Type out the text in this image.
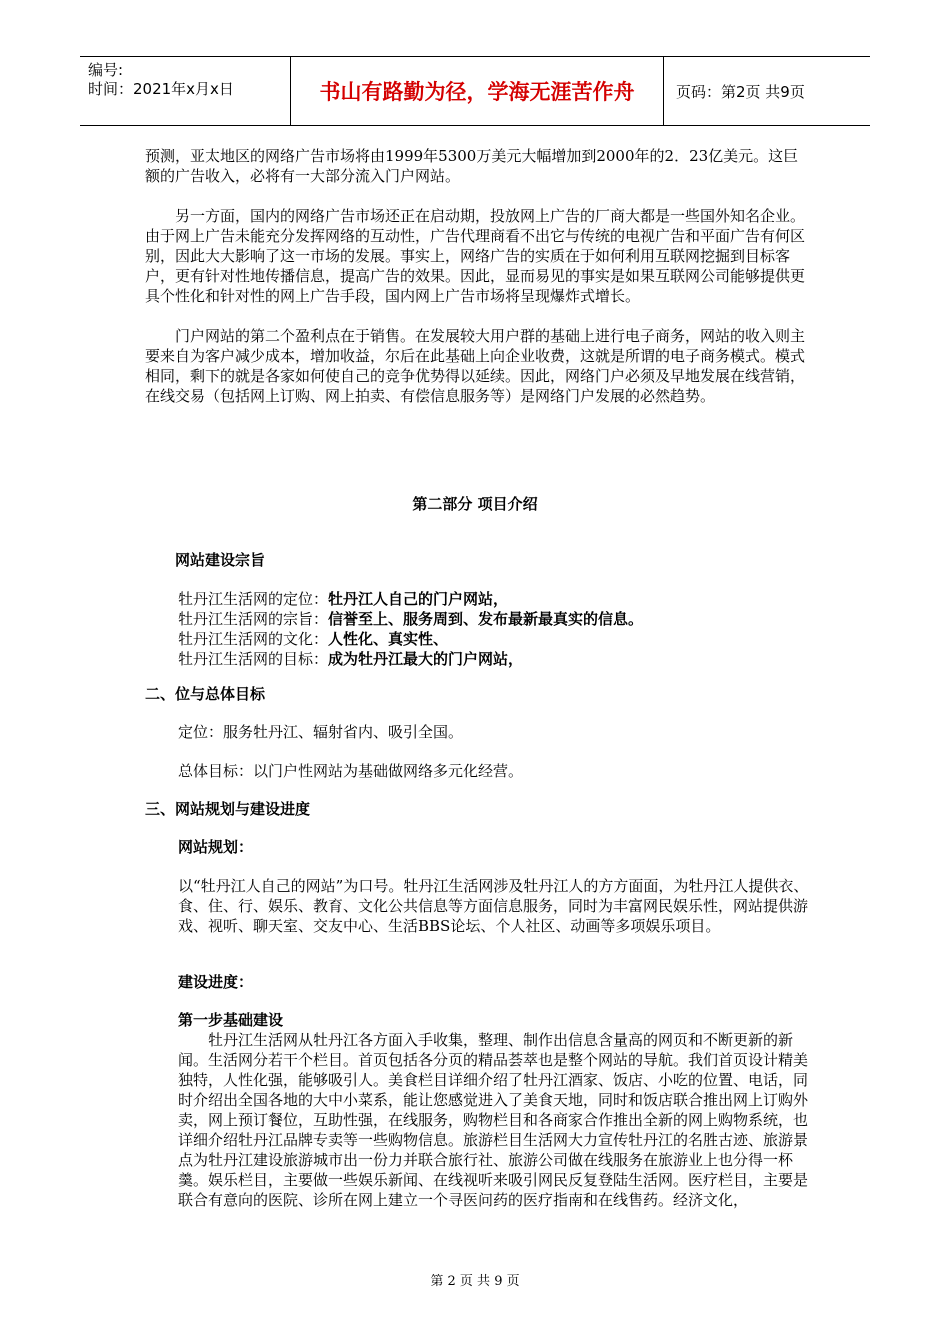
编号:
时间：2021年x月x日	书山有路勤为径，学海无涯苦作舟	页码：第2页 共9页

预测，亚太地区的网络广告市场将由1999年5300万美元大幅增加到2000年的2．23亿美元。这巨额的广告收入，必将有一大部分流入门户网站。

另一方面，国内的网络广告市场还正在启动期，投放网上广告的厂商大都是一些国外知名企业。由于网上广告未能充分发挥网络的互动性，广告代理商看不出它与传统的电视广告和平面广告有何区别，因此大大影响了这一市场的发展。事实上，网络广告的实质在于如何利用互联网挖掘到目标客户，更有针对性地传播信息，提高广告的效果。因此，显而易见的事实是如果互联网公司能够提供更具个性化和针对性的网上广告手段，国内网上广告市场将呈现爆炸式增长。

门户网站的第二个盈利点在于销售。在发展较大用户群的基础上进行电子商务，网站的收入则主要来自为客户减少成本，增加收益，尔后在此基础上向企业收费，这就是所谓的电子商务模式。模式相同，剩下的就是各家如何使自己的竞争优势得以延续。因此，网络门户必须及早地发展在线营销，在线交易（包括网上订购、网上拍卖、有偿信息服务等）是网络门户发展的必然趋势。

第二部分 项目介绍
网站建设宗旨
牡丹江生活网的定位：牡丹江人自己的门户网站，
牡丹江生活网的宗旨：信誉至上、服务周到、发布最新最真实的信息。
牡丹江生活网的文化：人性化、真实性、
牡丹江生活网的目标：成为牡丹江最大的门户网站，
二、位与总体目标
定位：服务牡丹江、辐射省内、吸引全国。
总体目标：以门户性网站为基础做网络多元化经营。
三、网站规划与建设进度
网站规划：
以“牡丹江人自己的网站”为口号。牡丹江生活网涉及牡丹江人的方方面面，为牡丹江人提供衣、食、住、行、娱乐、教育、文化公共信息等方面信息服务，同时为丰富网民娱乐性，网站提供游戏、视听、聊天室、交友中心、生活BBS论坛、个人社区、动画等多项娱乐项目。
建设进度：
第一步基础建设
牡丹江生活网从牡丹江各方面入手收集，整理、制作出信息含量高的网页和不断更新的新闻。生活网分若干个栏目。首页包括各分页的精品荟萃也是整个网站的导航。我们首页设计精美独特，人性化强，能够吸引人。美食栏目详细介绍了牡丹江酒家、饭店、小吃的位置、电话，同时介绍出全国各地的大中小菜系，能让您感觉进入了美食天地，同时和饭店联合推出网上订购外卖，网上预订餐位，互助性强，在线服务，购物栏目和各商家合作推出全新的网上购物系统，也详细介绍牡丹江品牌专卖等一些购物信息。旅游栏目生活网大力宣传牡丹江的名胜古迹、旅游景点为牡丹江建设旅游城市出一份力并联合旅行社、旅游公司做在线服务在旅游业上也分得一杯羹。娱乐栏目，主要做一些娱乐新闻、在线视听来吸引网民反复登陆生活网。医疗栏目，主要是联合有意向的医院、诊所在网上建立一个寻医问药的医疗指南和在线售药。经济文化，
第 2 页 共 9 页
